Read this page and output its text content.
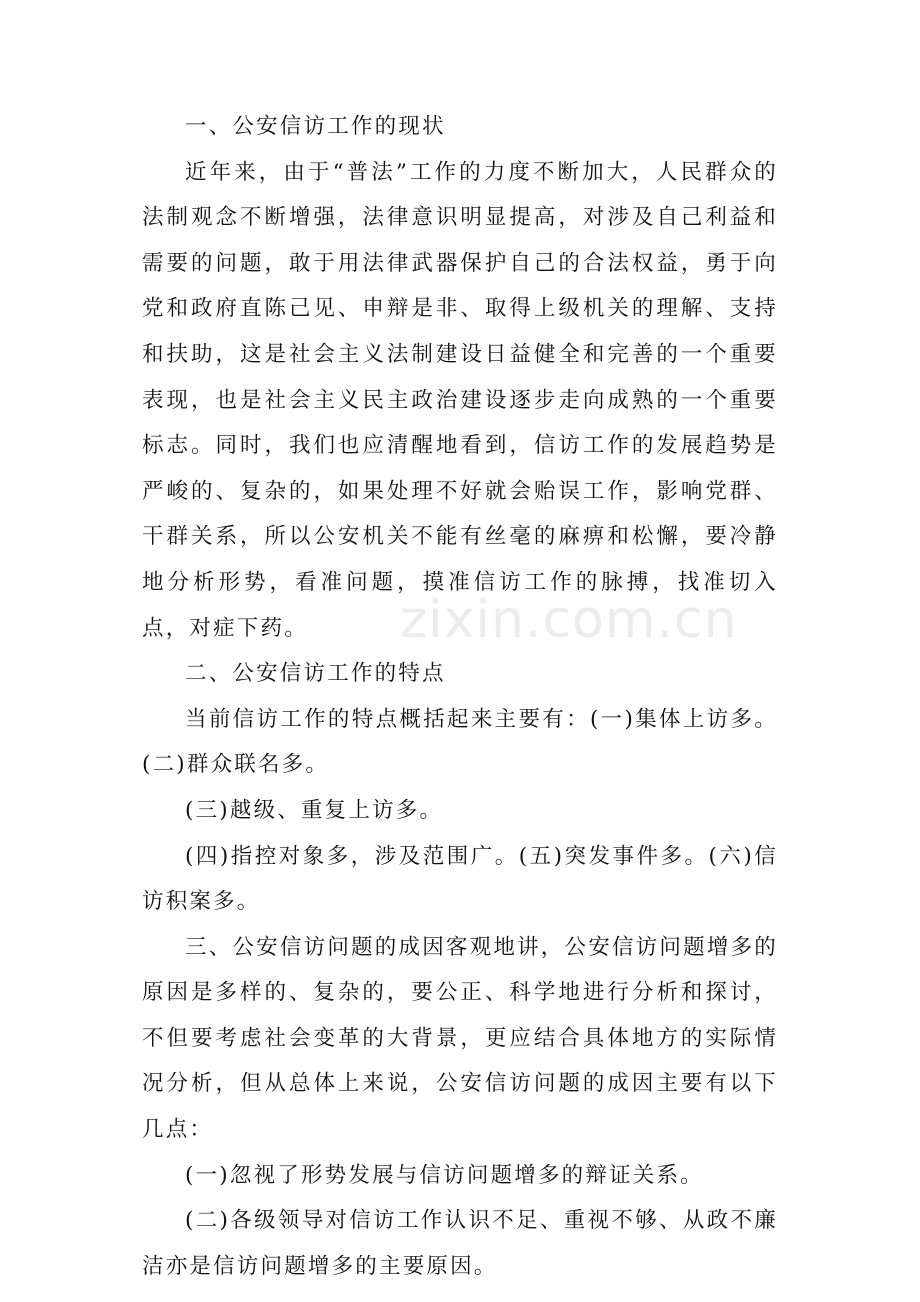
一、公安信访工作的现状

近年来，由于“普法”工作的力度不断加大，人民群众的法制观念不断增强，法律意识明显提高，对涉及自己利益和需要的问题，敢于用法律武器保护自己的合法权益，勇于向党和政府直陈己见、申辩是非、取得上级机关的理解、支持和扶助，这是社会主义法制建设日益健全和完善的一个重要表现，也是社会主义民主政治建设逐步走向成熟的一个重要标志。同时，我们也应清醒地看到，信访工作的发展趋势是严峻的、复杂的，如果处理不好就会贻误工作，影响党群、干群关系，所以公安机关不能有丝毫的麻痹和松懈，要冷静地分析形势，看准问题，摸准信访工作的脉搏，找准切入点，对症下药。

二、公安信访工作的特点

当前信访工作的特点概括起来主要有：(一)集体上访多。(二)群众联名多。

(三)越级、重复上访多。

(四)指控对象多，涉及范围广。(五)突发事件多。(六)信访积案多。

三、公安信访问题的成因客观地讲，公安信访问题增多的原因是多样的、复杂的，要公正、科学地进行分析和探讨，不但要考虑社会变革的大背景，更应结合具体地方的实际情况分析，但从总体上来说，公安信访问题的成因主要有以下几点：

(一)忽视了形势发展与信访问题增多的辩证关系。

(二)各级领导对信访工作认识不足、重视不够、从政不廉洁亦是信访问题增多的主要原因。

zixin.com.cn
